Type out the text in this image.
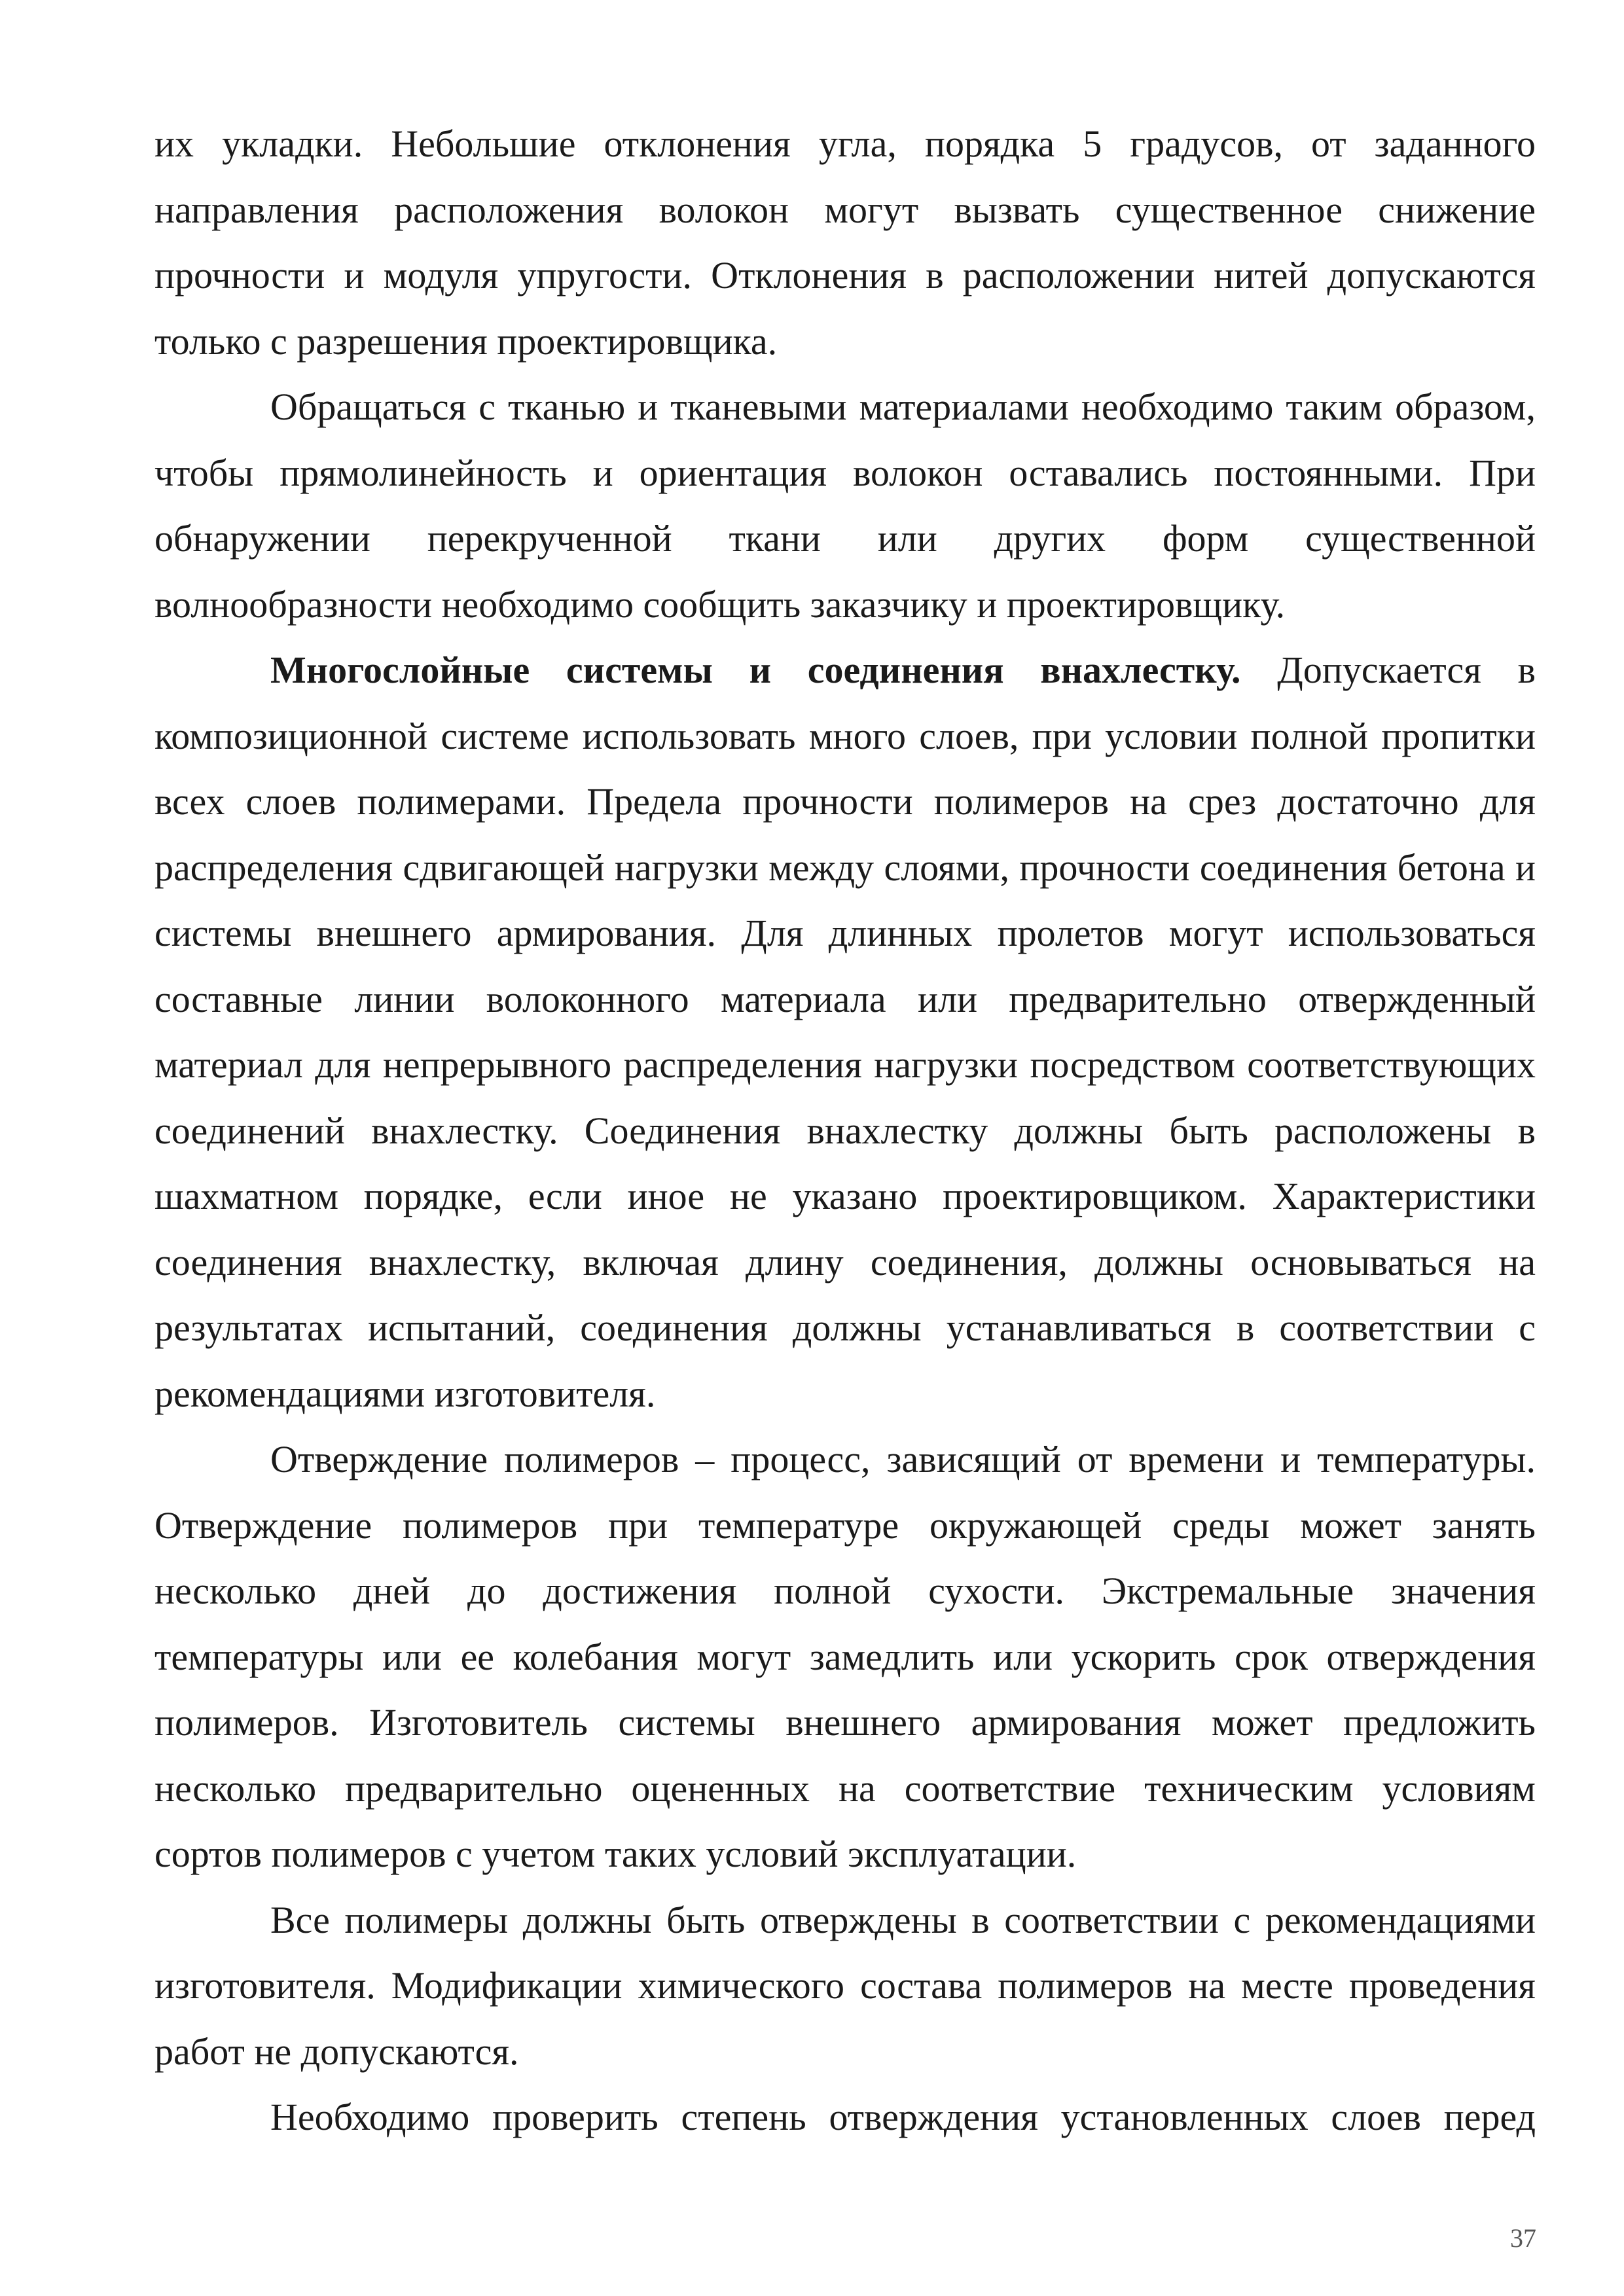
их укладки. Небольшие отклонения угла, порядка 5 градусов, от заданного направления расположения волокон могут вызвать существенное снижение прочности и модуля упругости. Отклонения в расположении нитей допускаются только с разрешения проектировщика.

Обращаться с тканью и тканевыми материалами необходимо таким образом, чтобы прямолинейность и ориентация волокон оставались постоянными. При обнаружении перекрученной ткани или других форм существенной волнообразности необходимо сообщить заказчику и проектировщику.

Многослойные системы и соединения внахлестку. Допускается в композиционной системе использовать много слоев, при условии полной пропитки всех слоев полимерами. Предела прочности полимеров на срез достаточно для распределения сдвигающей нагрузки между слоями, прочности соединения бетона и системы внешнего армирования. Для длинных пролетов могут использоваться составные линии волоконного материала или предварительно отвержденный материал для непрерывного распределения нагрузки посредством соответствующих соединений внахлестку. Соединения внахлестку должны быть расположены в шахматном порядке, если иное не указано проектировщиком. Характеристики соединения внахлестку, включая длину соединения, должны основываться на результатах испытаний, соединения должны устанавливаться в соответствии с рекомендациями изготовителя.

Отверждение полимеров – процесс, зависящий от времени и температуры. Отверждение полимеров при температуре окружающей среды может занять несколько дней до достижения полной сухости. Экстремальные значения температуры или ее колебания могут замедлить или ускорить срок отверждения полимеров. Изготовитель системы внешнего армирования может предложить несколько предварительно оцененных на соответствие техническим условиям сортов полимеров с учетом таких условий эксплуатации.

Все полимеры должны быть отверждены в соответствии с рекомендациями изготовителя. Модификации химического состава полимеров на месте проведения работ не допускаются.

Необходимо проверить степень отверждения установленных слоев перед

37
